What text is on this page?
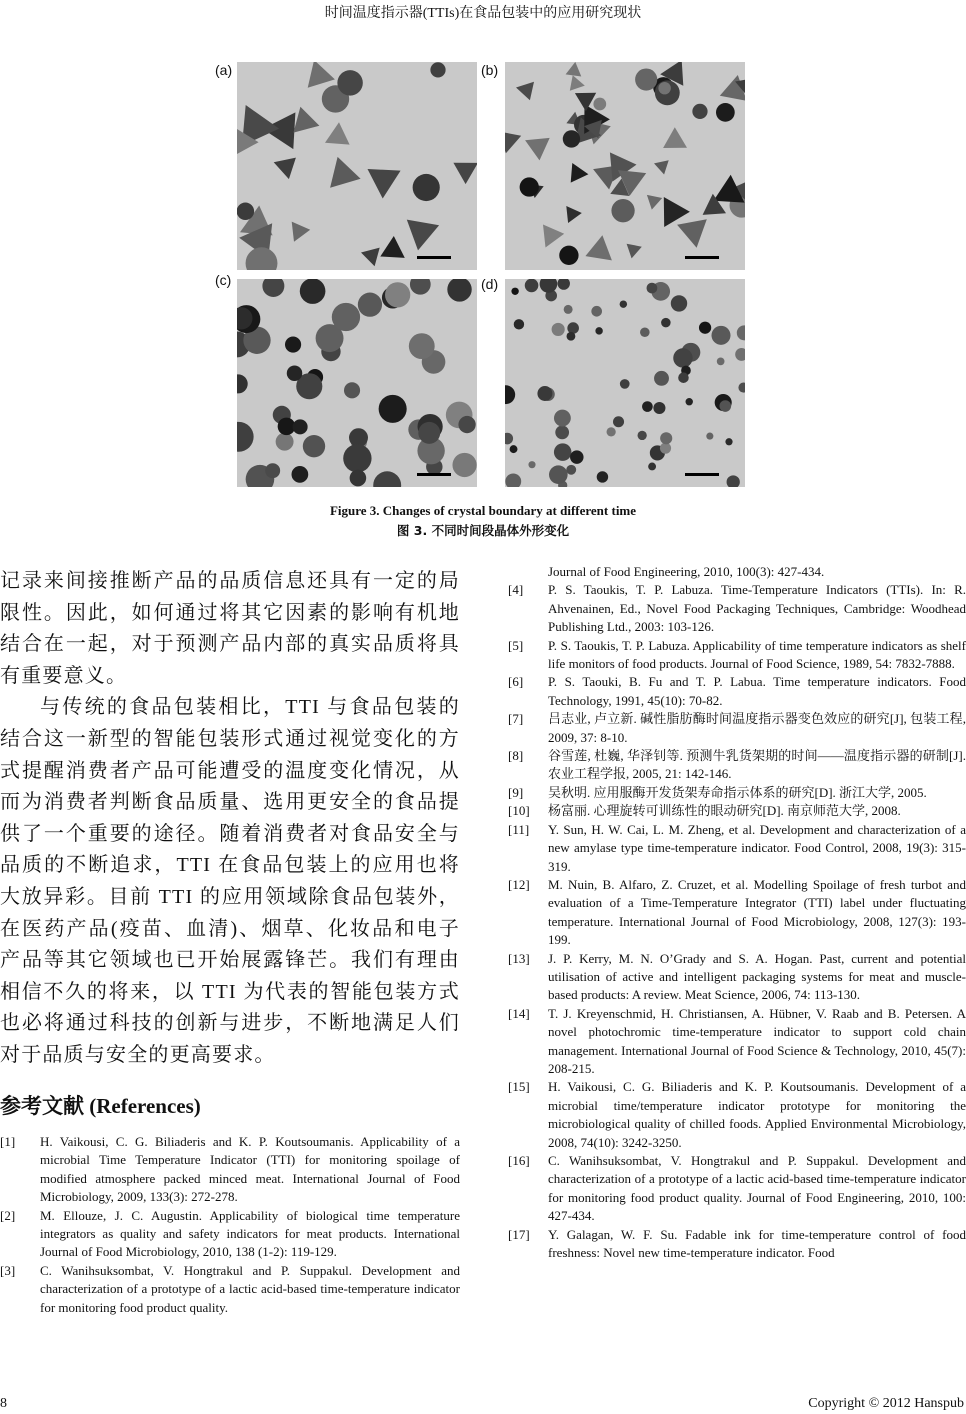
时间温度指示器(TTIs)在食品包装中的应用研究现状
(a)	(b)
(c)	(d)
Figure 3. Changes of crystal boundary at different time
图 3. 不同时间段晶体外形变化

记录来间接推断产品的品质信息还具有一定的局限性。因此，如何通过将其它因素的影响有机地结合在一起，对于预测产品内部的真实品质将具有重要意义。

与传统的食品包装相比，TTI 与食品包装的结合这一新型的智能包装形式通过视觉变化的方式提醒消费者产品可能遭受的温度变化情况，从而为消费者判断食品质量、选用更安全的食品提供了一个重要的途径。随着消费者对食品安全与品质的不断追求，TTI 在食品包装上的应用也将大放异彩。目前 TTI 的应用领域除食品包装外，在医药产品(疫苗、血清)、烟草、化妆品和电子产品等其它领域也已开始展露锋芒。我们有理由相信不久的将来，以 TTI 为代表的智能包装方式也必将通过科技的创新与进步，不断地满足人们对于品质与安全的更高要求。

参考文献 (References)
[1]	H. Vaikousi, C. G. Biliaderis and K. P. Koutsoumanis. Applicability of a microbial Time Temperature Indicator (TTI) for monitoring spoilage of modified atmosphere packed minced meat. International Journal of Food Microbiology, 2009, 133(3): 272-278.
[2]	M. Ellouze, J. C. Augustin. Applicability of biological time temperature integrators as quality and safety indicators for meat products. International Journal of Food Microbiology, 2010, 138 (1-2): 119-129.
[3]	C. Wanihsuksombat, V. Hongtrakul and P. Suppakul. Development and characterization of a prototype of a lactic acid-based time-temperature indicator for monitoring food product quality.
Journal of Food Engineering, 2010, 100(3): 427-434.
[4]	P. S. Taoukis, T. P. Labuza. Time-Temperature Indicators (TTIs). In: R. Ahvenainen, Ed., Novel Food Packaging Techniques, Cambridge: Woodhead Publishing Ltd., 2003: 103-126.
[5]	P. S. Taoukis, T. P. Labuza. Applicability of time temperature indicators as shelf life monitors of food products. Journal of Food Science, 1989, 54: 7832-7888.
[6]	P. S. Taouki, B. Fu and T. P. Labua. Time temperature indicators. Food Technology, 1991, 45(10): 70-82.
[7]	吕志业, 卢立新. 碱性脂肪酶时间温度指示器变色效应的研究[J], 包装工程, 2009, 37: 8-10.
[8]	谷雪莲, 杜巍, 华泽钊等. 预测牛乳货架期的时间——温度指示器的研制[J]. 农业工程学报, 2005, 21: 142-146.
[9]	吴秋明. 应用服酶开发货架寿命指示体系的研究[D]. 浙江大学, 2005.
[10]	杨富丽. 心理旋转可训练性的眼动研究[D]. 南京师范大学, 2008.
[11]	Y. Sun, H. W. Cai, L. M. Zheng, et al. Development and characterization of a new amylase type time-temperature indicator. Food Control, 2008, 19(3): 315-319.
[12]	M. Nuin, B. Alfaro, Z. Cruzet, et al. Modelling Spoilage of fresh turbot and evaluation of a Time-Temperature Integrator (TTI) label under fluctuating temperature. International Journal of Food Microbiology, 2008, 127(3): 193-199.
[13]	J. P. Kerry, M. N. O’Grady and S. A. Hogan. Past, current and potential utilisation of active and intelligent packaging systems for meat and muscle-based products: A review. Meat Science, 2006, 74: 113-130.
[14]	T. J. Kreyenschmid, H. Christiansen, A. Hübner, V. Raab and B. Petersen. A novel photochromic time-temperature indicator to support cold chain management. International Journal of Food Science & Technology, 2010, 45(7): 208-215.
[15]	H. Vaikousi, C. G. Biliaderis and K. P. Koutsoumanis. Development of a microbial time/temperature indicator prototype for monitoring the microbiological quality of chilled foods. Applied Environmental Microbiology, 2008, 74(10): 3242-3250.
[16]	C. Wanihsuksombat, V. Hongtrakul and P. Suppakul. Development and characterization of a prototype of a lactic acid-based time-temperature indicator for monitoring food product quality. Journal of Food Engineering, 2010, 100: 427-434.
[17]	Y. Galagan, W. F. Su. Fadable ink for time-temperature control of food freshness: Novel new time-temperature indicator. Food
8	Copyright © 2012 Hanspub
